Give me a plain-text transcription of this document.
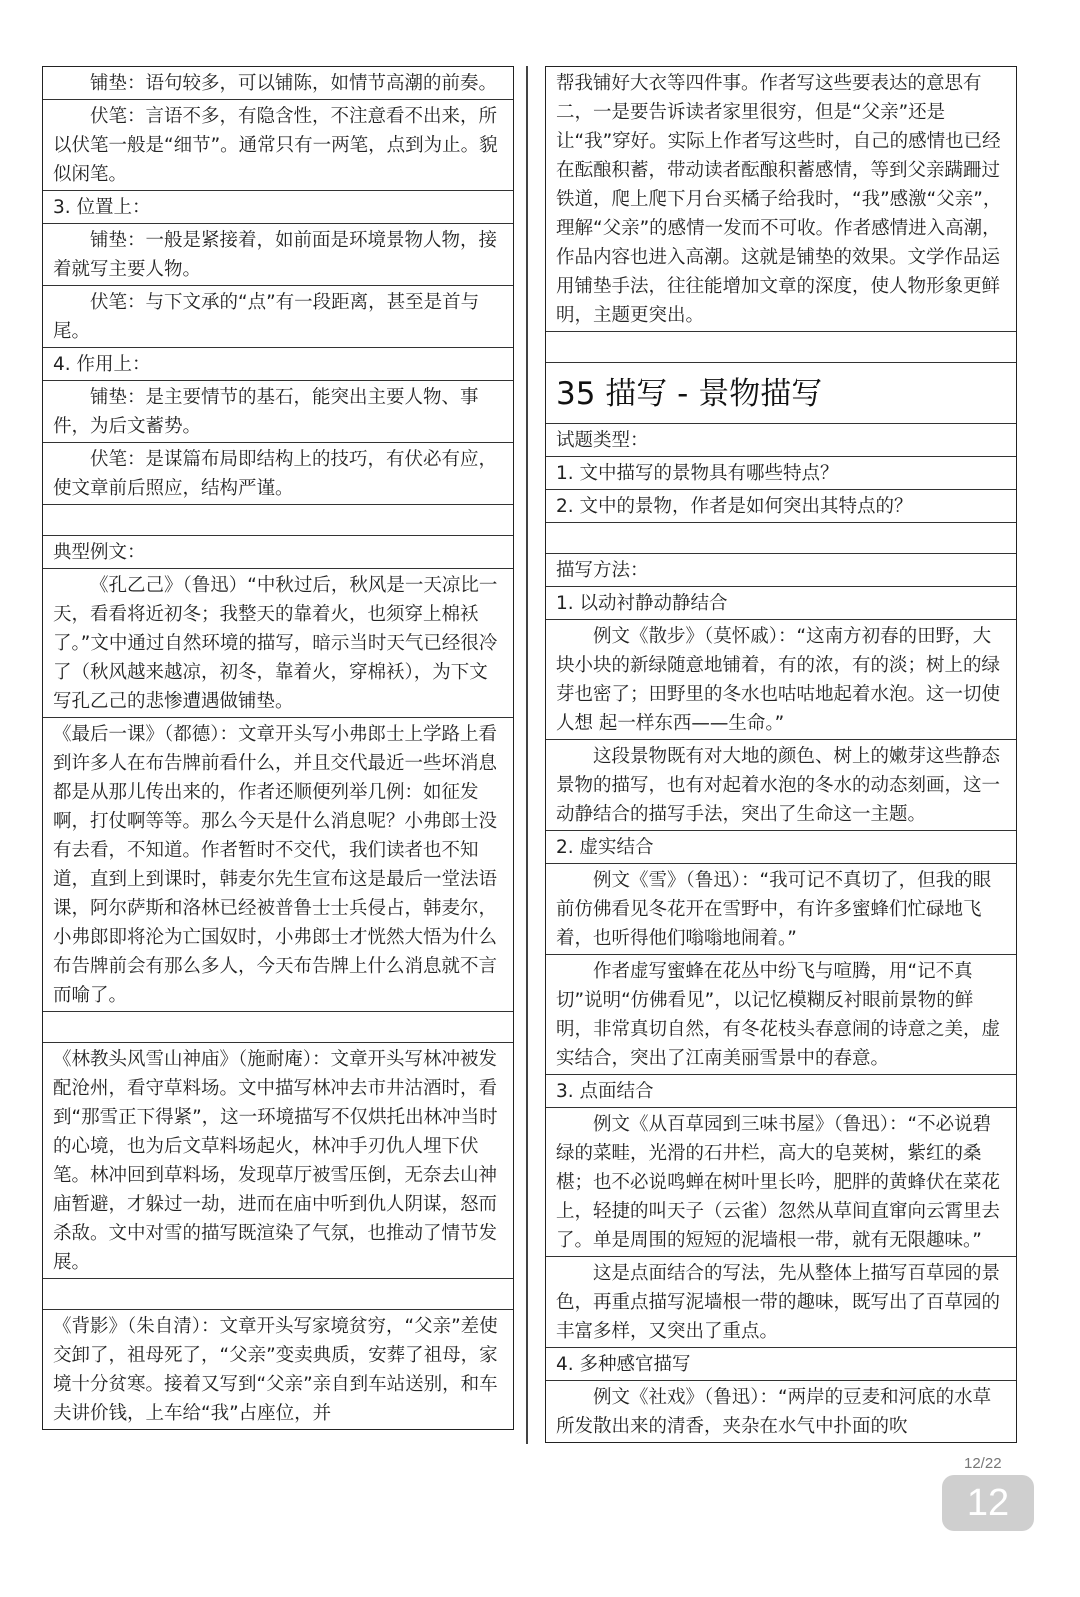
铺垫：语句较多，可以铺陈，如情节高潮的前奏。
伏笔：言语不多，有隐含性，不注意看不出来，所以伏笔一般是“细节”。通常只有一两笔，点到为止。貌似闲笔。
3. 位置上：
铺垫：一般是紧接着，如前面是环境景物人物，接着就写主要人物。
伏笔：与下文承的“点”有一段距离，甚至是首与尾。
4. 作用上：
铺垫：是主要情节的基石，能突出主要人物、事件，为后文蓄势。
伏笔：是谋篇布局即结构上的技巧，有伏必有应，使文章前后照应，结构严谨。
典型例文：
《孔乙己》（鲁迅）“中秋过后，秋风是一天凉比一天，看看将近初冬；我整天的靠着火，也须穿上棉袄了。”文中通过自然环境的描写，暗示当时天气已经很冷了（秋风越来越凉，初冬，靠着火，穿棉袄），为下文写孔乙己的悲惨遭遇做铺垫。
《最后一课》（都德）：文章开头写小弗郎士上学路上看到许多人在布告牌前看什么，并且交代最近一些坏消息都是从那儿传出来的，作者还顺便列举几例：如征发啊，打仗啊等等。那么今天是什么消息呢？小弗郎士没有去看，不知道。作者暂时不交代，我们读者也不知道，直到上到课时，韩麦尔先生宣布这是最后一堂法语课，阿尔萨斯和洛林已经被普鲁士士兵侵占，韩麦尔，小弗郎即将沦为亡国奴时，小弗郎士才恍然大悟为什么布告牌前会有那么多人，今天布告牌上什么消息就不言而喻了。
《林教头风雪山神庙》（施耐庵）：文章开头写林冲被发配沧州，看守草料场。文中描写林冲去市井沽酒时，看到“那雪正下得紧”，这一环境描写不仅烘托出林冲当时的心境，也为后文草料场起火，林冲手刃仇人埋下伏笔。林冲回到草料场，发现草厅被雪压倒，无奈去山神庙暂避，才躲过一劫，进而在庙中听到仇人阴谋，怒而杀敌。文中对雪的描写既渲染了气氛，也推动了情节发展。
《背影》（朱自清）：文章开头写家境贫穷，“父亲”差使交卸了，祖母死了，“父亲”变卖典质，安葬了祖母，家境十分贫寒。接着又写到“父亲”亲自到车站送别，和车夫讲价钱，上车给“我”占座位，并
帮我铺好大衣等四件事。作者写这些要表达的意思有二，一是要告诉读者家里很穷，但是“父亲”还是让“我”穿好。实际上作者写这些时，自己的感情也已经在酝酿积蓄，带动读者酝酿积蓄感情，等到父亲蹒跚过铁道，爬上爬下月台买橘子给我时，“我”感激“父亲”，理解“父亲”的感情一发而不可收。作者感情进入高潮，作品内容也进入高潮。这就是铺垫的效果。文学作品运用铺垫手法，往往能增加文章的深度，使人物形象更鲜明，主题更突出。
35 描写 - 景物描写
试题类型：
1. 文中描写的景物具有哪些特点？
2. 文中的景物，作者是如何突出其特点的？
描写方法：
1. 以动衬静动静结合
例文《散步》（莫怀戚）：“这南方初春的田野，大块小块的新绿随意地铺着，有的浓，有的淡；树上的绿芽也密了；田野里的冬水也咕咕地起着水泡。这一切使人想 起一样东西——生命。”
这段景物既有对大地的颜色、树上的嫩芽这些静态景物的描写，也有对起着水泡的冬水的动态刻画，这一动静结合的描写手法，突出了生命这一主题。
2. 虚实结合
例文《雪》（鲁迅）：“我可记不真切了，但我的眼前仿佛看见冬花开在雪野中，有许多蜜蜂们忙碌地飞着，也听得他们嗡嗡地闹着。”
作者虚写蜜蜂在花丛中纷飞与喧腾，用“记不真切”说明“仿佛看见”，以记忆模糊反衬眼前景物的鲜明，非常真切自然，有冬花枝头春意闹的诗意之美，虚实结合，突出了江南美丽雪景中的春意。
3. 点面结合
例文《从百草园到三味书屋》（鲁迅）：“不必说碧绿的菜畦，光滑的石井栏，高大的皂荚树，紫红的桑椹；也不必说鸣蝉在树叶里长吟，肥胖的黄蜂伏在菜花上，轻捷的叫天子（云雀）忽然从草间直窜向云霄里去了。单是周围的短短的泥墙根一带，就有无限趣味。”
这是点面结合的写法，先从整体上描写百草园的景色，再重点描写泥墙根一带的趣味，既写出了百草园的丰富多样，又突出了重点。
4. 多种感官描写
例文《社戏》（鲁迅）：“两岸的豆麦和河底的水草所发散出来的清香，夹杂在水气中扑面的吹
12/22
12
